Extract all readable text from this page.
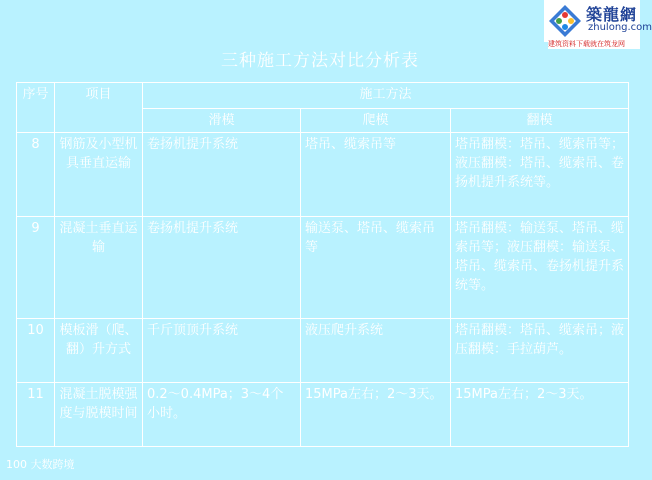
築龍網
zhulong.com
建筑资料下载就在筑龙网
三种施工方法对比分析表
序号	项目	施工方法		
		滑模	爬模	翻模
8	钢筋及小型机具垂直运输	卷扬机提升系统	塔吊、缆索吊等	塔吊翻模：塔吊、缆索吊等；液压翻模：塔吊、缆索吊、卷扬机提升系统等。
9	混凝土垂直运输	卷扬机提升系统	输送泵、塔吊、缆索吊等	塔吊翻模：输送泵、塔吊、缆索吊等；液压翻模：输送泵、塔吊、缆索吊、卷扬机提升系统等。
10	模板滑（爬、翻）升方式	千斤顶顶升系统	液压爬升系统	塔吊翻模：塔吊、缆索吊；液压翻模：手拉葫芦。
11	混凝土脱模强度与脱模时间	0.2～0.4MPa；3～4个小时。	15MPa左右；2～3天。	15MPa左右；2～3天。
100 大数跨境
